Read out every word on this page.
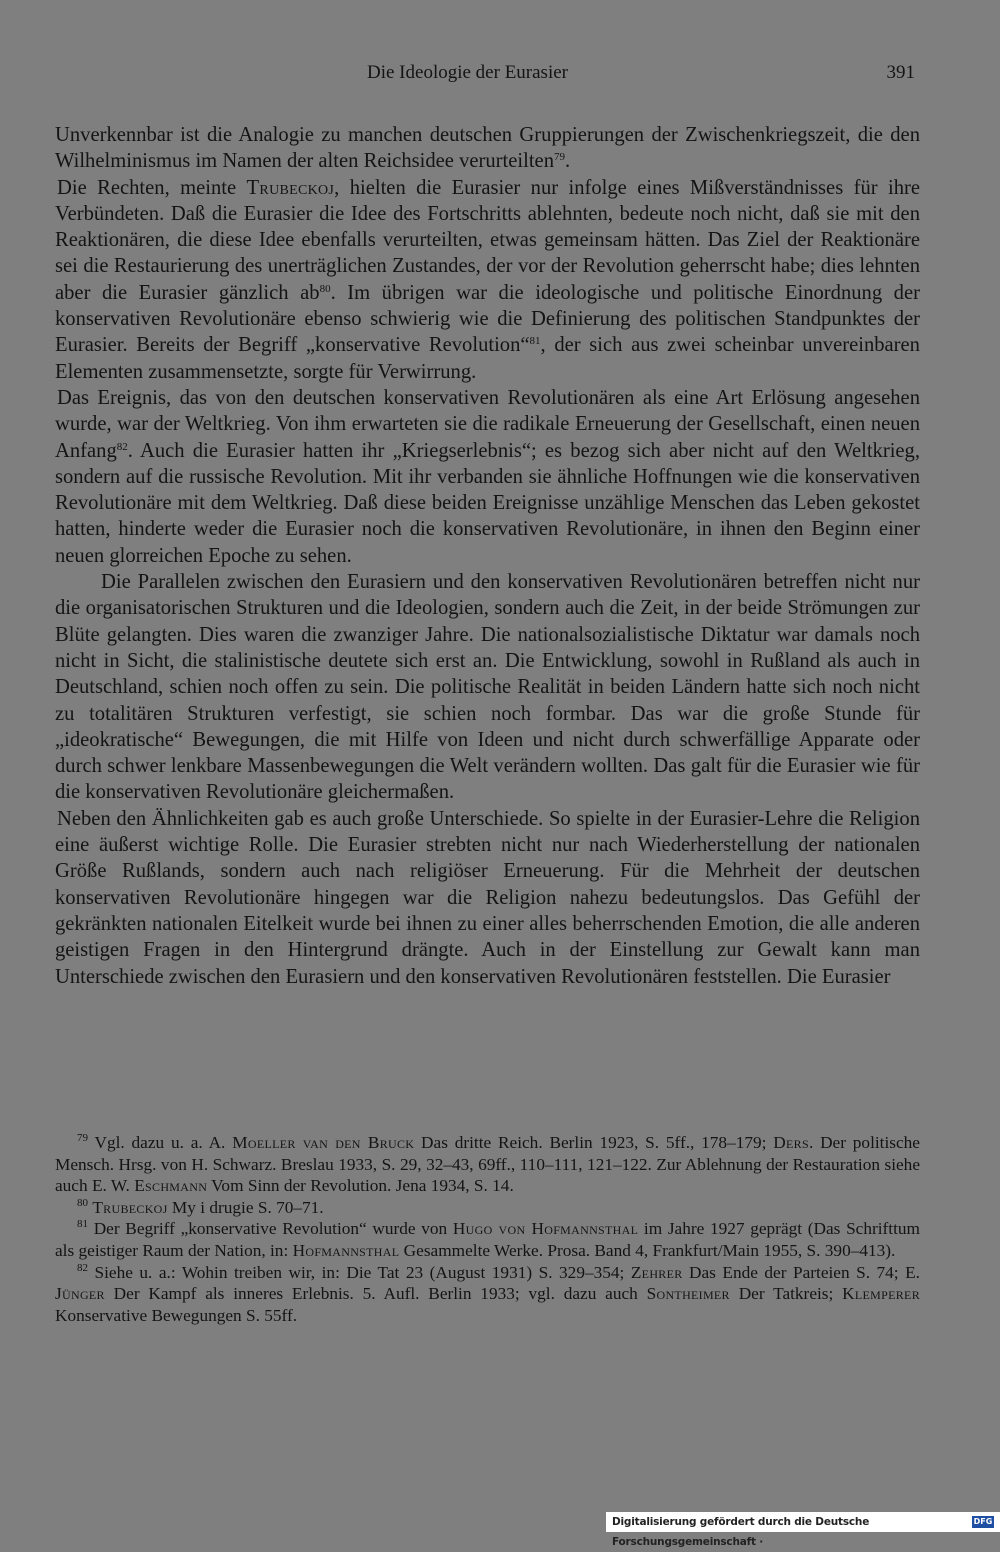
Die Ideologie der Eurasier	391

Unverkennbar ist die Analogie zu manchen deutschen Gruppierungen der Zwischenkriegszeit, die den Wilhelminismus im Namen der alten Reichsidee verurteilten$^{79}$.

Die Rechten, meinte Trubeckoj, hielten die Eurasier nur infolge eines Mißverständnisses für ihre Verbündeten. Daß die Eurasier die Idee des Fortschritts ablehnten, bedeute noch nicht, daß sie mit den Reaktionären, die diese Idee ebenfalls verurteilten, etwas gemeinsam hätten. Das Ziel der Reaktionäre sei die Restaurierung des unerträglichen Zustandes, der vor der Revolution geherrscht habe; dies lehnten aber die Eurasier gänzlich $ab^{80}$. Im übrigen war die ideologische und politische Einordnung der konservativen Revolutionäre ebenso schwierig wie die Definierung des politischen Standpunktes der Eurasier. Bereits der Begriff „konservative Revolution“$^{81}$, der sich aus zwei scheinbar unvereinbaren Elementen zusammensetzte, sorgte für Verwirrung.

Das Ereignis, das von den deutschen konservativen Revolutionären als eine Art Erlösung angesehen wurde, war der Weltkrieg. Von ihm erwarteten sie die radikale Erneuerung der Gesellschaft, einen neuen Anfang$^{82}$. Auch die Eurasier hatten ihr „Kriegserlebnis“; es bezog sich aber nicht auf den Weltkrieg, sondern auf die russische Revolution. Mit ihr verbanden sie ähnliche Hoffnungen wie die konservativen Revolutionäre mit dem Weltkrieg. Daß diese beiden Ereignisse unzählige Menschen das Leben gekostet hatten, hinderte weder die Eurasier noch die konservativen Revolutionäre, in ihnen den Beginn einer neuen glorreichen Epoche zu sehen.

Die Parallelen zwischen den Eurasiern und den konservativen Revolutionären betreffen nicht nur die organisatorischen Strukturen und die Ideologien, sondern auch die Zeit, in der beide Strömungen zur Blüte gelangten. Dies waren die zwanziger Jahre. Die nationalsozialistische Diktatur war damals noch nicht in Sicht, die stalinistische deutete sich erst an. Die Entwicklung, sowohl in Rußland als auch in Deutschland, schien noch offen zu sein. Die politische Realität in beiden Ländern hatte sich noch nicht zu totalitären Strukturen verfestigt, sie schien noch formbar. Das war die große Stunde für „ideokratische“ Bewegungen, die mit Hilfe von Ideen und nicht durch schwerfällige Apparate oder durch schwer lenkbare Massenbewegungen die Welt verändern wollten. Das galt für die Eurasier wie für die konservativen Revolutionäre gleichermaßen.

Neben den Ähnlichkeiten gab es auch große Unterschiede. So spielte in der Eurasier-Lehre die Religion eine äußerst wichtige Rolle. Die Eurasier strebten nicht nur nach Wiederherstellung der nationalen Größe Rußlands, sondern auch nach religiöser Erneuerung. Für die Mehrheit der deutschen konservativen Revolutionäre hingegen war die Religion nahezu bedeutungslos. Das Gefühl der gekränkten nationalen Eitelkeit wurde bei ihnen zu einer alles beherrschenden Emotion, die alle anderen geistigen Fragen in den Hintergrund drängte. Auch in der Einstellung zur Gewalt kann man Unterschiede zwischen den Eurasiern und den konservativen Revolutionären feststellen. Die Eurasier

$^{79}$ Vgl. dazu u. a. A. Moeller van den Bruck Das dritte Reich. Berlin 1923, S. 5ff., 178–179; Ders. Der politische Mensch. Hrsg. von H. Schwarz. Breslau 1933, S. 29, 32–43, 69ff., 110–111, 121–122. Zur Ablehnung der Restauration siehe auch E. W. Eschmann Vom Sinn der Revolution. Jena 1934, S. 14.

$^{80}$ Trubeckoj My i drugie S. 70–71.

$^{81}$ Der Begriff „konservative Revolution“ wurde von Hugo von Hofmannsthal im Jahre 1927 geprägt (Das Schrifttum als geistiger Raum der Nation, in: Hofmannsthal Gesammelte Werke. Prosa. Band 4, Frankfurt/Main 1955, S. 390–413).

$^{82}$ Siehe u. a.: Wohin treiben wir, in: Die Tat 23 (August 1931) S. 329–354; Zehrer Das Ende der Parteien S. 74; E. Jünger Der Kampf als inneres Erlebnis. 5. Aufl. Berlin 1933; vgl. dazu auch Sontheimer Der Tatkreis; Klemperer Konservative Bewegungen S. 55ff.

Digitalisierung gefördert durch die Deutsche Forschungsgemeinschaft ·
DFG
